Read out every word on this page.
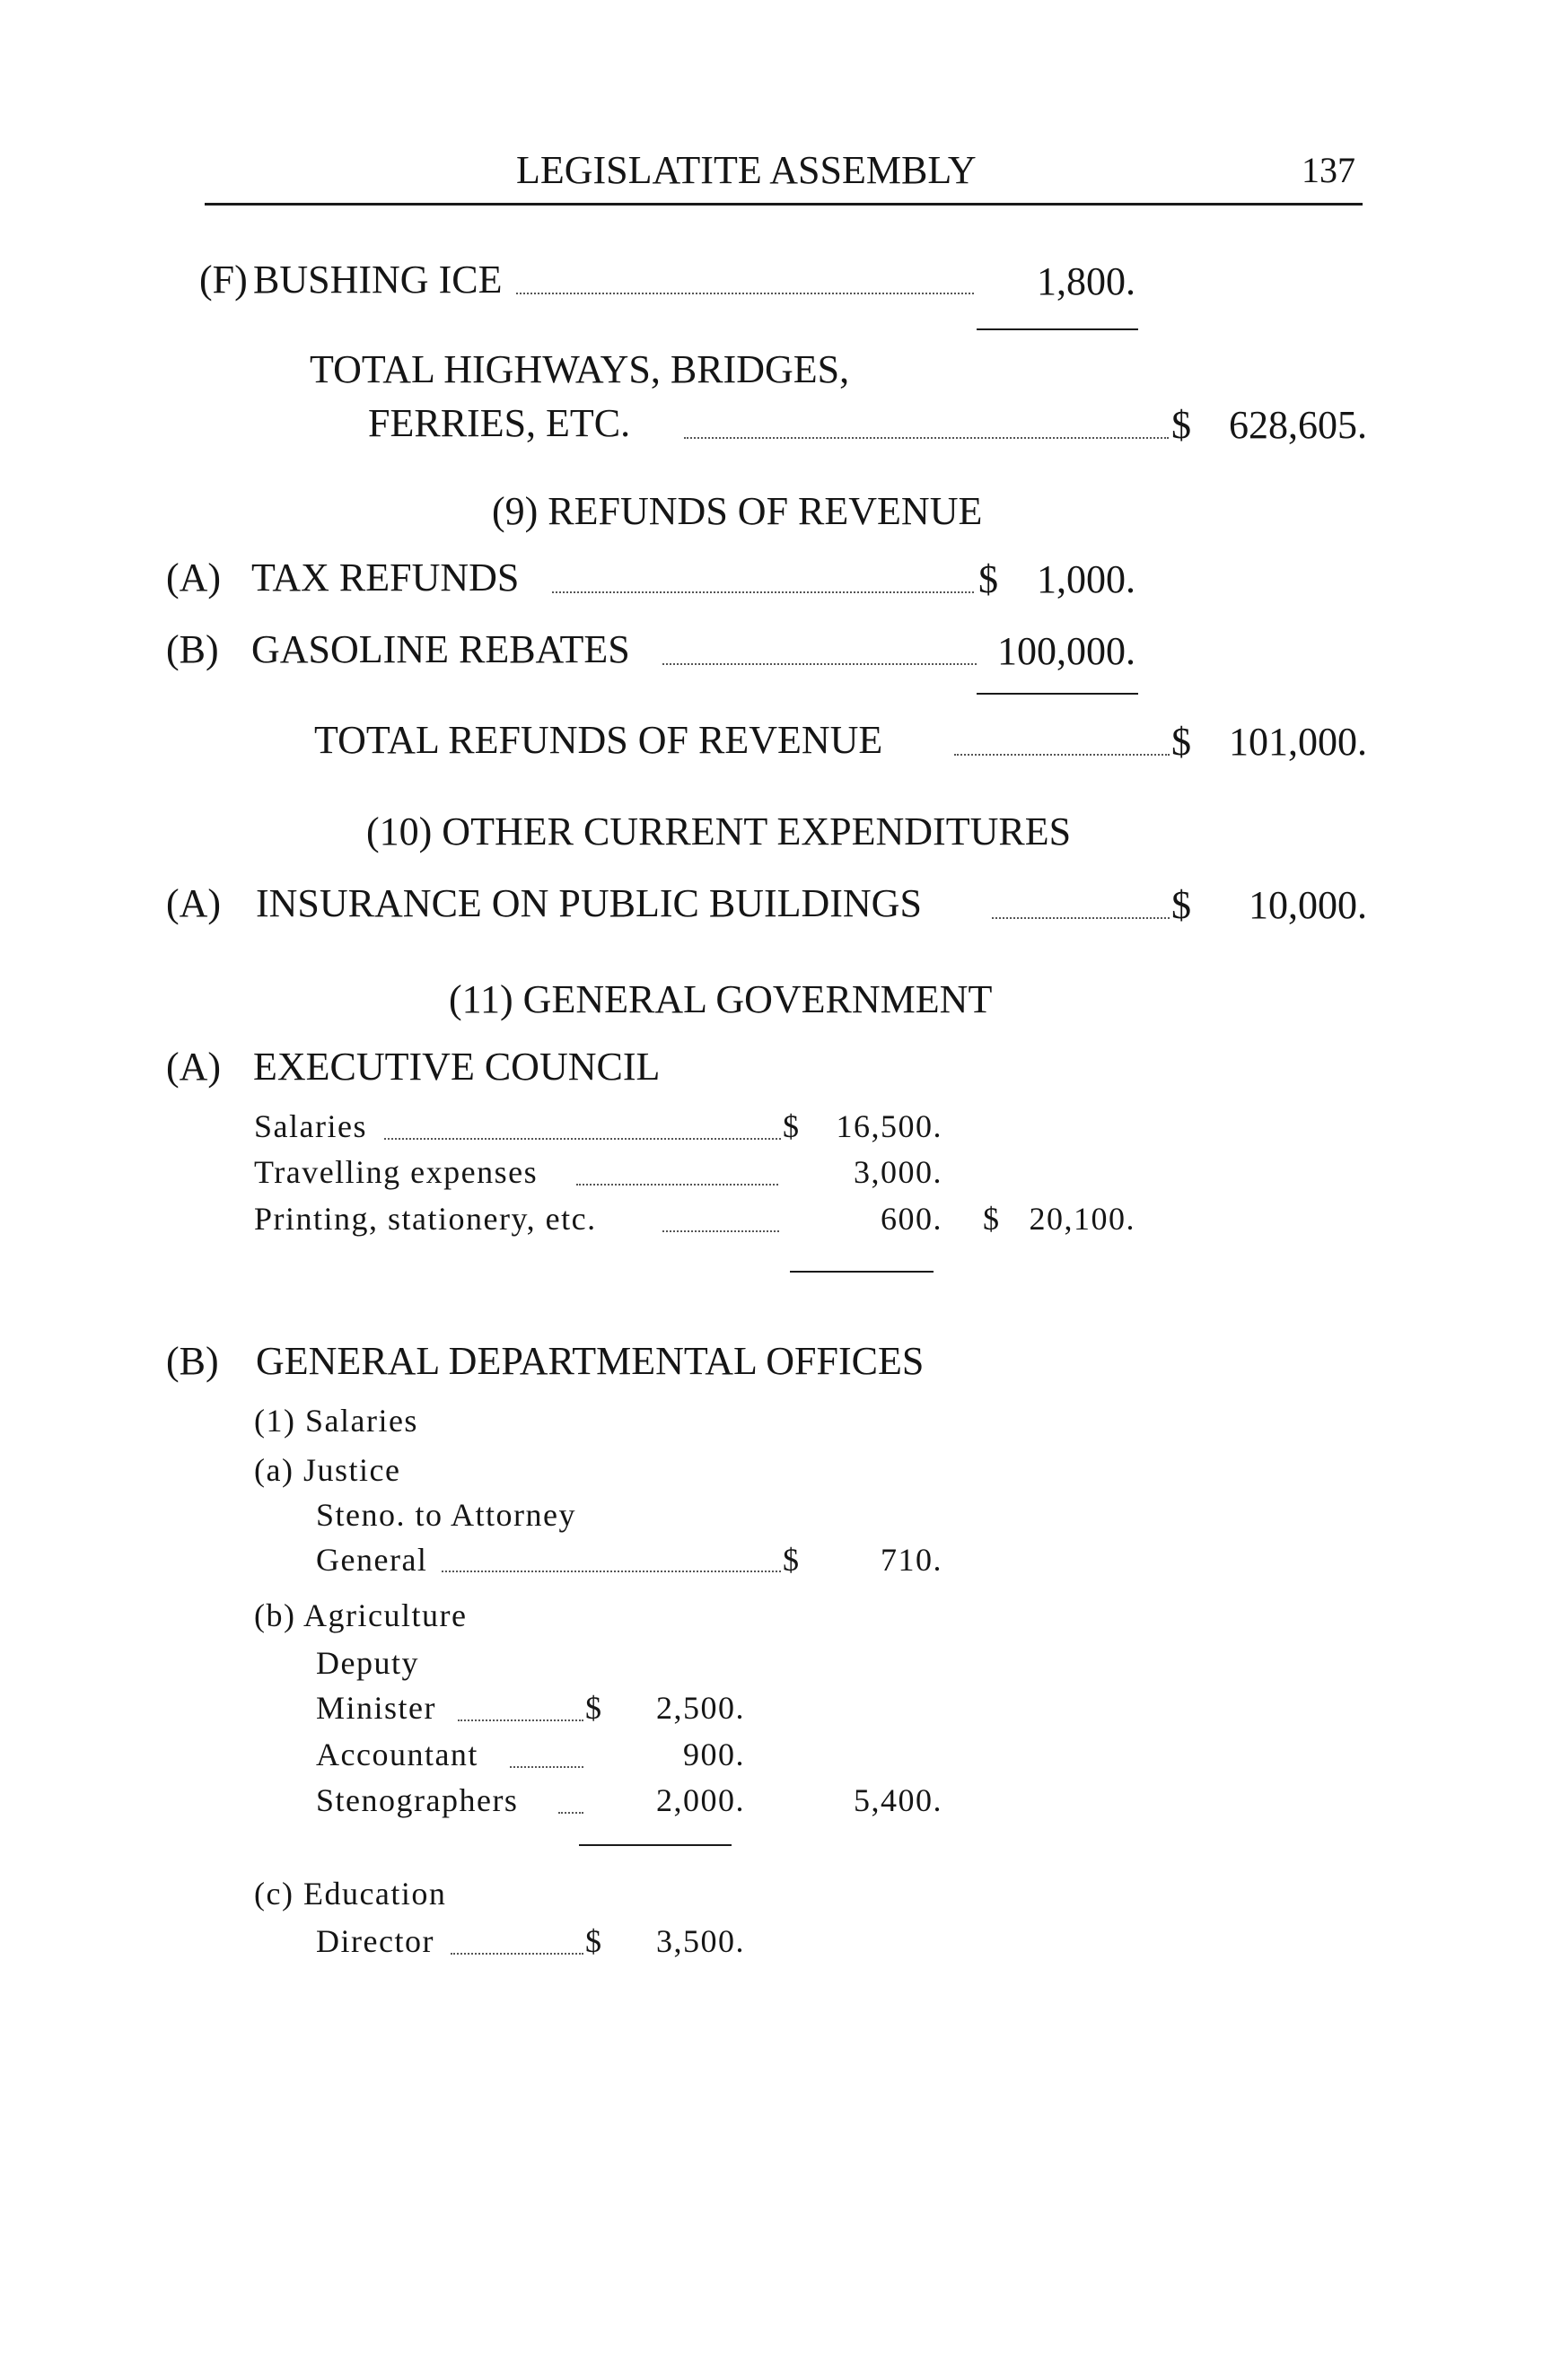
LEGISLATITE ASSEMBLY	137
(F) BUSHING ICE	1,800.
TOTAL HIGHWAYS, BRIDGES,
FERRIES, ETC.	$ 628,605.
(9) REFUNDS OF REVENUE
(A) TAX REFUNDS	$ 1,000.
(B) GASOLINE REBATES	100,000.
TOTAL REFUNDS OF REVENUE	$ 101,000.
(10) OTHER CURRENT EXPENDITURES
(A) INSURANCE ON PUBLIC BUILDINGS	$	10,000.
(11) GENERAL GOVERNMENT
(A) EXECUTIVE COUNCIL
Salaries	$	16,500.
Travelling expenses	3,000.
Printing, stationery, etc.	600. $ 20,100.
(B) GENERAL DEPARTMENTAL OFFICES
(1) Salaries
(a) Justice
Steno. to Attorney
General	$	710.
(b) Agriculture
Deputy
Minister	$	2,500.
Accountant	900.
Stenographers	2,000.	5,400.
(c) Education
Director	$	3,500.
